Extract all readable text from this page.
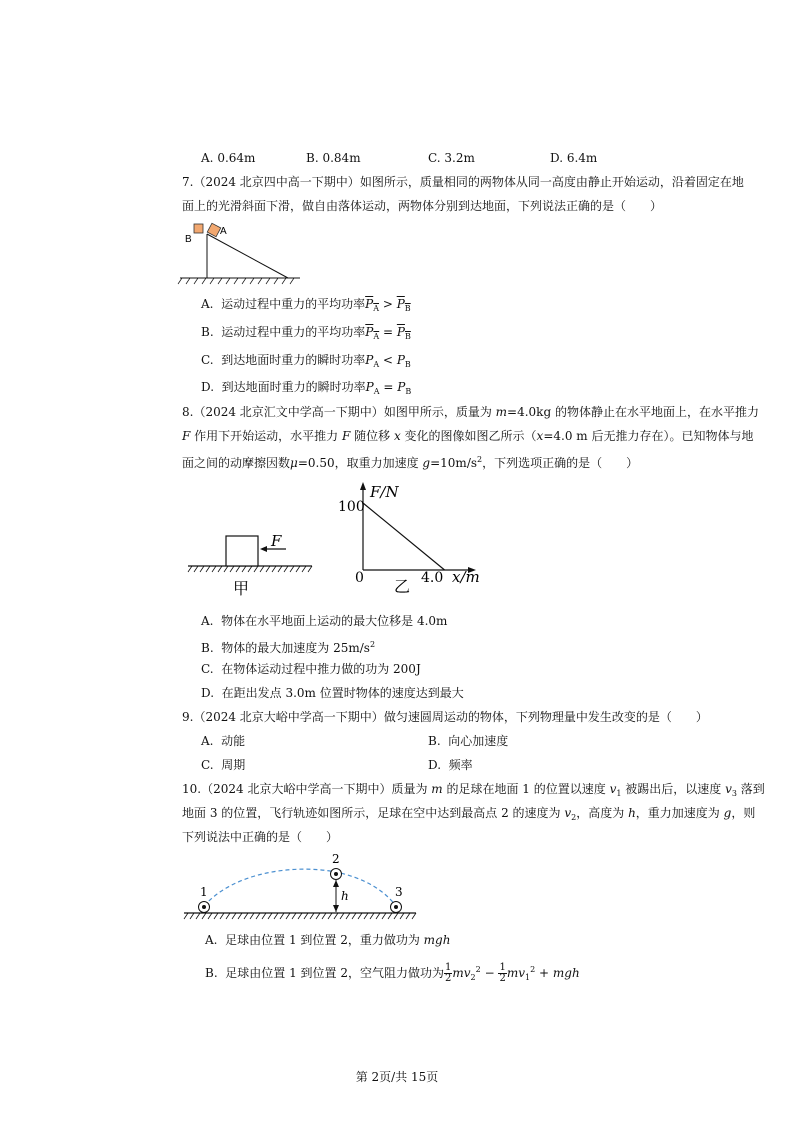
A. 0.64m	B. 0.84m	C. 3.2m	D. 6.4m
7.（2024 北京四中高一下期中）如图所示，质量相同的两物体从同一高度由静止开始运动，沿着固定在地
面上的光滑斜面下滑，做自由落体运动，两物体分别到达地面，下列说法正确的是（　　）
A
B
A. 运动过程中重力的平均功率$P_A > P_B$
B. 运动过程中重力的平均功率$P_A = P_B$
C. 到达地面时重力的瞬时功率$P_A < P_B$
D. 到达地面时重力的瞬时功率$P_A = P_B$
8.（2024 北京汇文中学高一下期中）如图甲所示，质量为 m=4.0kg 的物体静止在水平地面上，在水平推力
F 作用下开始运动，水平推力 F 随位移 x 变化的图像如图乙所示（x=4.0 m 后无推力存在）。已知物体与地
面之间的动摩擦因数μ=0.50，取重力加速度 $g=10m/s^2$，下列选项正确的是（　　）
F
甲
F/N
100
0	4.0 x/m
乙
A. 物体在水平地面上运动的最大位移是 4.0m
B. 物体的最大加速度为 $25m/s^2$
C. 在物体运动过程中推力做的功为 200J
D. 在距出发点 3.0m 位置时物体的速度达到最大
9.（2024 北京大峪中学高一下期中）做匀速圆周运动的物体，下列物理量中发生改变的是（　　）
A. 动能	B. 向心加速度
C. 周期	D. 频率
10.（2024 北京大峪中学高一下期中）质量为 m 的足球在地面 1 的位置以速度 $v_1$ 被踢出后，以速度 $v_3$ 落到
地面 3 的位置，飞行轨迹如图所示，足球在空中达到最高点 2 的速度为 $v_2$，高度为 h，重力加速度为 g，则
下列说法中正确的是（　　）
1
2
3
h
A. 足球由位置 1 到位置 2，重力做功为 mgh
B. 足球由位置 1 到位置 2，空气阻力做功为 $\frac{1}{2} mv_2^2 - \frac{1}{2} mv_1^2$ + mgh
第 2页/共 15页
